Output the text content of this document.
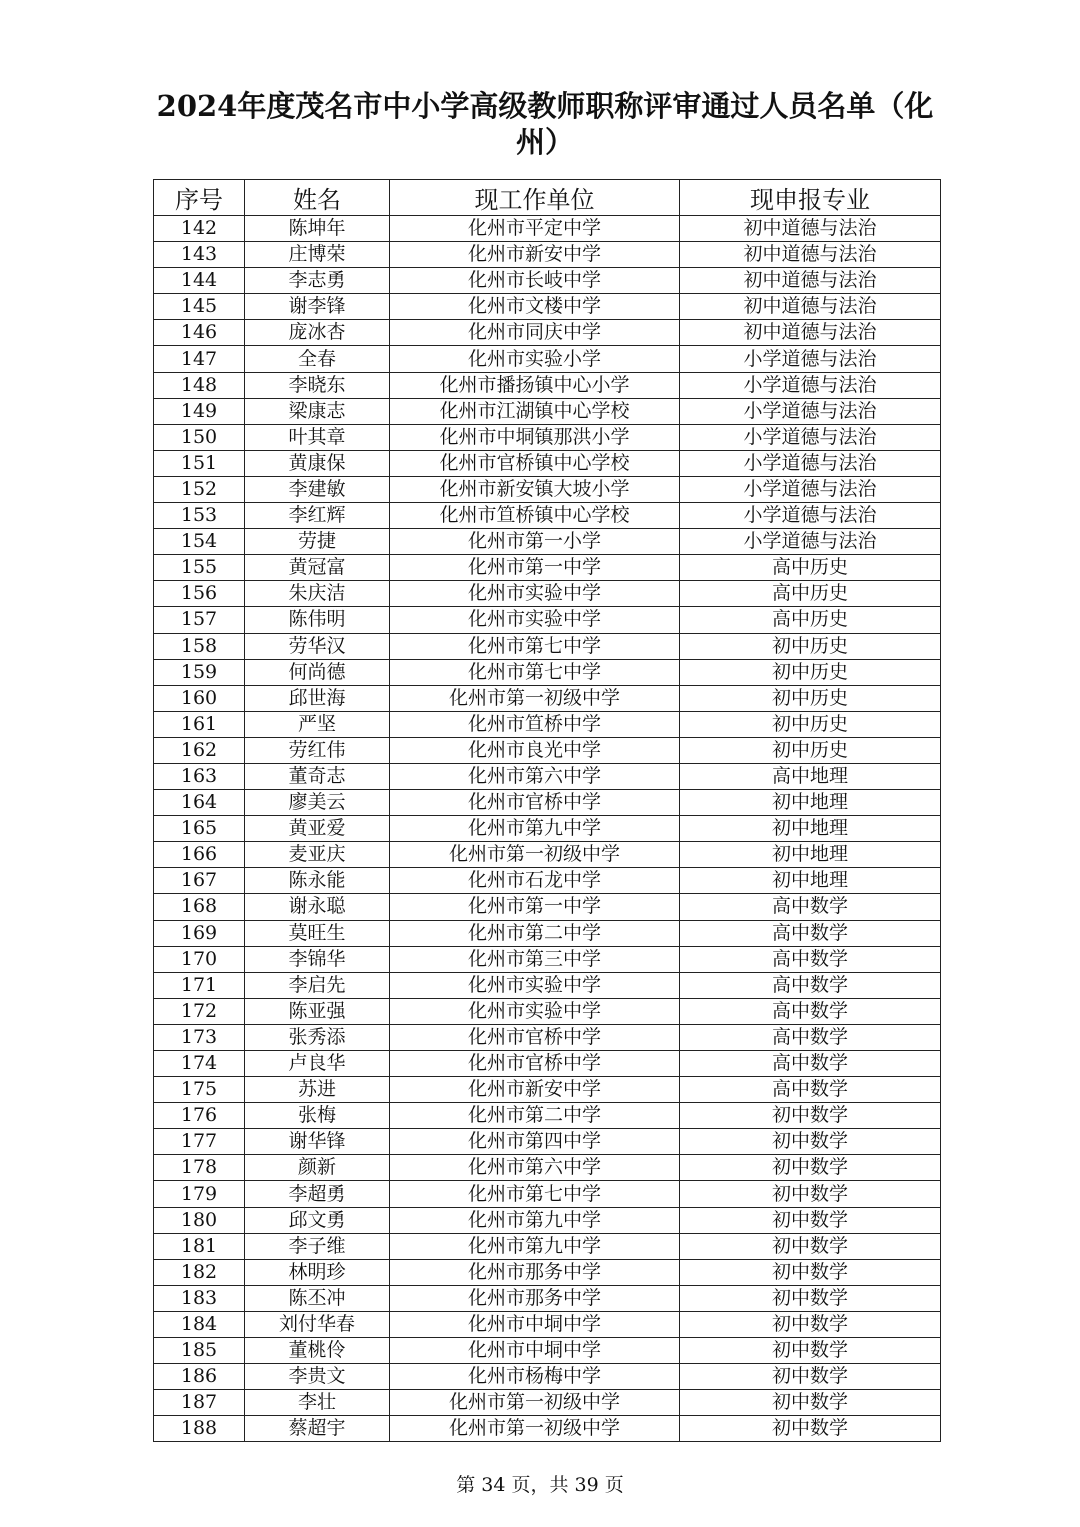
2024年度茂名市中小学高级教师职称评审通过人员名单（化
州）
序号	姓名	现工作单位	现申报专业
142	陈坤年	化州市平定中学	初中道德与法治
143	庄博荣	化州市新安中学	初中道德与法治
144	李志勇	化州市长岐中学	初中道德与法治
145	谢李锋	化州市文楼中学	初中道德与法治
146	庞冰杏	化州市同庆中学	初中道德与法治
147	全春	化州市实验小学	小学道德与法治
148	李晓东	化州市播扬镇中心小学	小学道德与法治
149	梁康志	化州市江湖镇中心学校	小学道德与法治
150	叶其章	化州市中垌镇那洪小学	小学道德与法治
151	黄康保	化州市官桥镇中心学校	小学道德与法治
152	李建敏	化州市新安镇大坡小学	小学道德与法治
153	李红辉	化州市笪桥镇中心学校	小学道德与法治
154	劳捷	化州市第一小学	小学道德与法治
155	黄冠富	化州市第一中学	高中历史
156	朱庆洁	化州市实验中学	高中历史
157	陈伟明	化州市实验中学	高中历史
158	劳华汉	化州市第七中学	初中历史
159	何尚德	化州市第七中学	初中历史
160	邱世海	化州市第一初级中学	初中历史
161	严坚	化州市笪桥中学	初中历史
162	劳红伟	化州市良光中学	初中历史
163	董奇志	化州市第六中学	高中地理
164	廖美云	化州市官桥中学	初中地理
165	黄亚爱	化州市第九中学	初中地理
166	麦亚庆	化州市第一初级中学	初中地理
167	陈永能	化州市石龙中学	初中地理
168	谢永聪	化州市第一中学	高中数学
169	莫旺生	化州市第二中学	高中数学
170	李锦华	化州市第三中学	高中数学
171	李启先	化州市实验中学	高中数学
172	陈亚强	化州市实验中学	高中数学
173	张秀添	化州市官桥中学	高中数学
174	卢良华	化州市官桥中学	高中数学
175	苏进	化州市新安中学	高中数学
176	张梅	化州市第二中学	初中数学
177	谢华锋	化州市第四中学	初中数学
178	颜新	化州市第六中学	初中数学
179	李超勇	化州市第七中学	初中数学
180	邱文勇	化州市第九中学	初中数学
181	李子维	化州市第九中学	初中数学
182	林明珍	化州市那务中学	初中数学
183	陈丕冲	化州市那务中学	初中数学
184	刘付华春	化州市中垌中学	初中数学
185	董桃伶	化州市中垌中学	初中数学
186	李贵文	化州市杨梅中学	初中数学
187	李壮	化州市第一初级中学	初中数学
188	蔡超宇	化州市第一初级中学	初中数学
第 34 页，共 39 页
